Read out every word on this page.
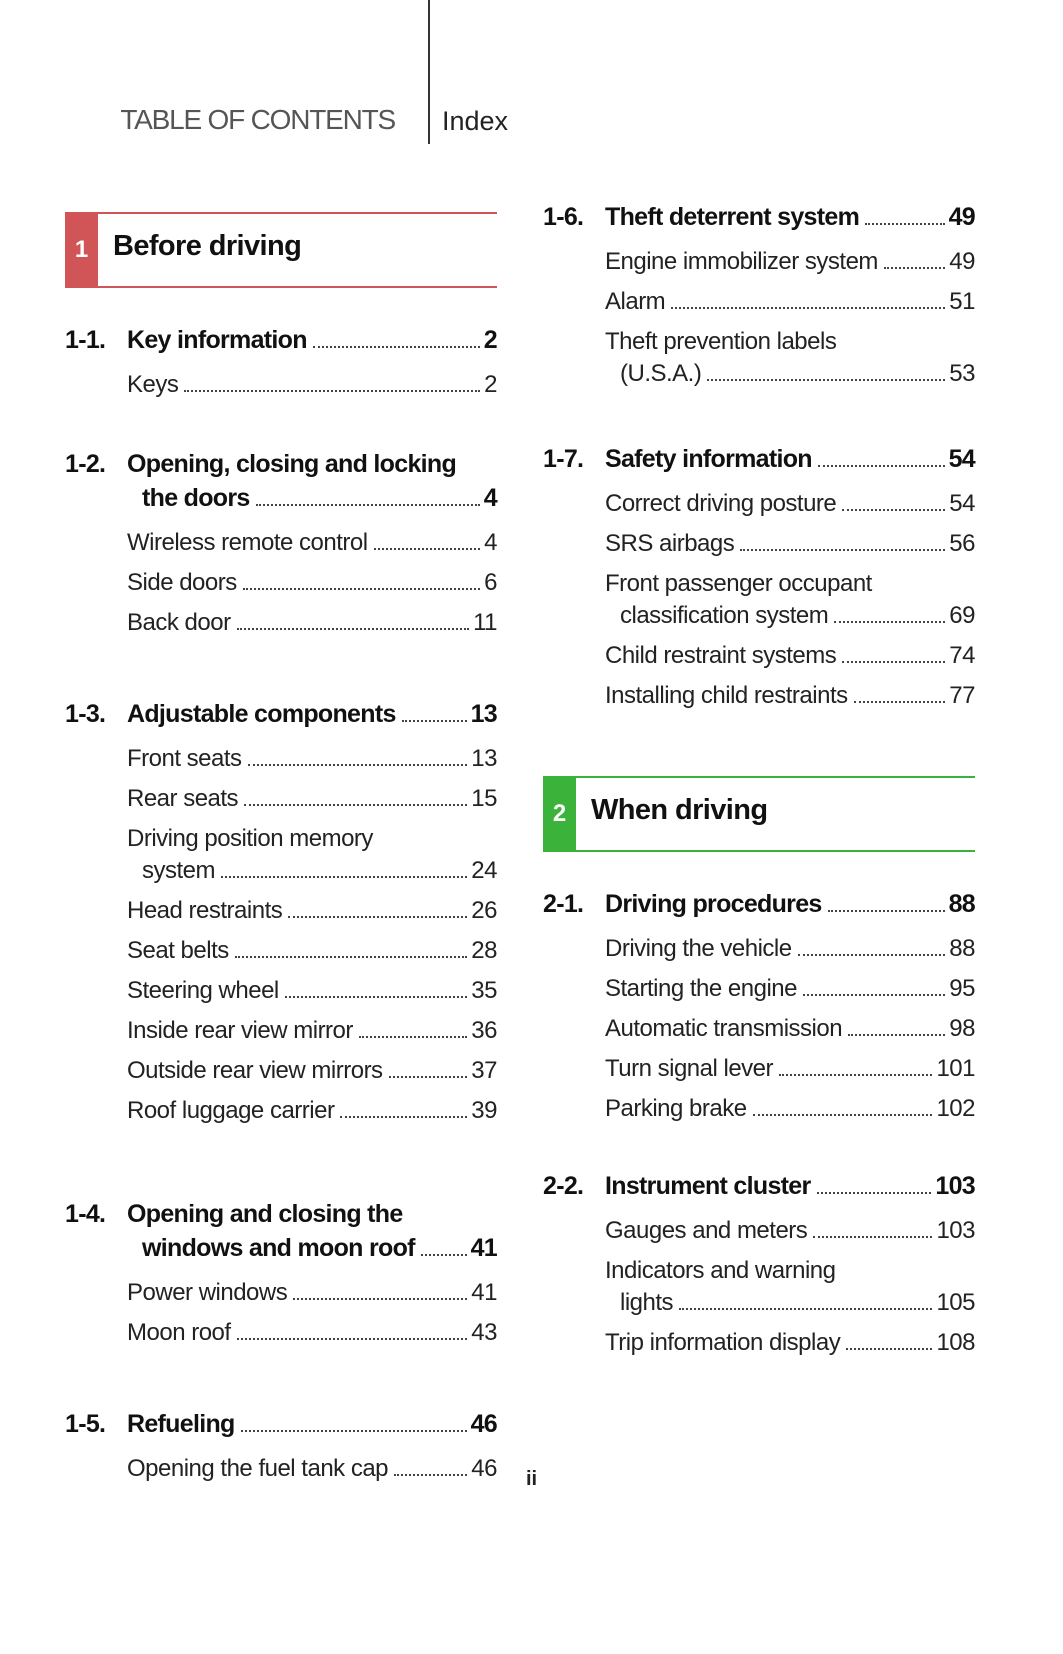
TABLE OF CONTENTS Index
1 Before driving
1-1. Key information	2
Keys	2
1-2. Opening, closing and locking
the doors	4
Wireless remote control	4
Side doors	6
Back door	11
1-3. Adjustable components	13
Front seats	13
Rear seats	15
Driving position memory
system	24
Head restraints	26
Seat belts	28
Steering wheel	35
Inside rear view mirror	36
Outside rear view mirrors	37
Roof luggage carrier	39
1-4. Opening and closing the
windows and moon roof 41
Power windows	41
Moon roof	43
1-5. Refueling	46
Opening the fuel tank cap	46
1-6. Theft deterrent system	49
Engine immobilizer system	49
Alarm	51
Theft prevention labels
(U.S.A.)	53
1-7. Safety information	54
Correct driving posture	54
SRS airbags	56
Front passenger occupant
classification system	69
Child restraint systems	74
Installing child restraints	77
2 When driving
2-1. Driving procedures	88
Driving the vehicle	88
Starting the engine	95
Automatic transmission	98
Turn signal lever	101
Parking brake	102
2-2. Instrument cluster	103
Gauges and meters	103
Indicators and warning
lights	105
Trip information display	108
ii
